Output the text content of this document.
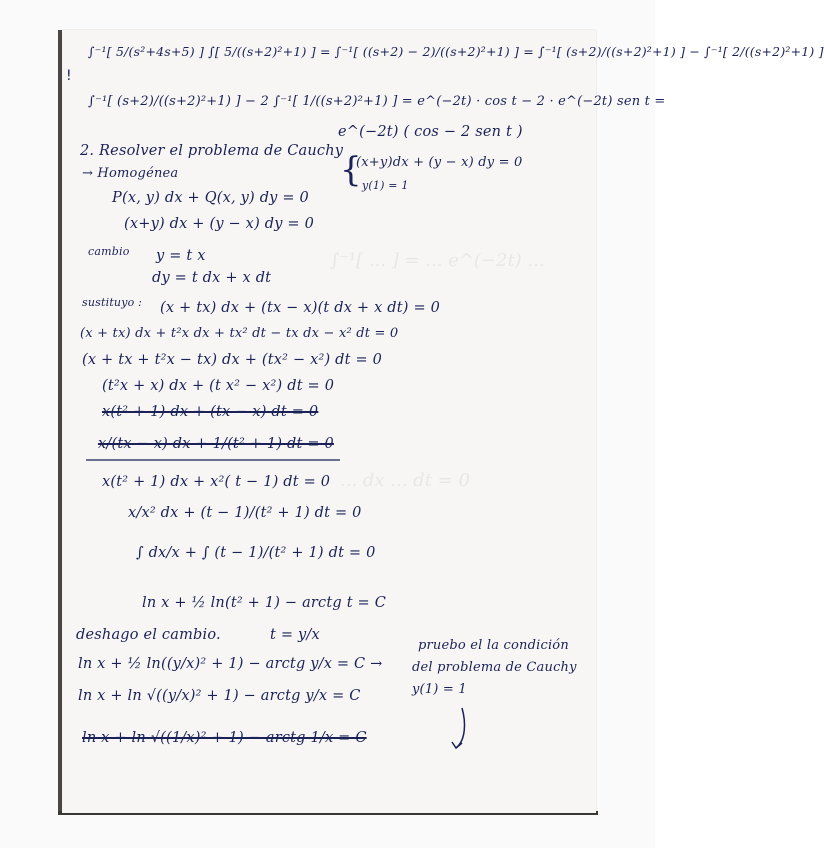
∫⁻¹[ ... ] = ... e^(−2t) ...
... dx ... dt = 0
!
∫⁻¹[ 5/(s²+4s+5) ] ∫[ 5/((s+2)²+1) ] = ∫⁻¹[ ((s+2) − 2)/((s+2)²+1) ] = ∫⁻¹[ (s+2)/((s+2)²+1) ] − ∫⁻¹[ 2/((s+2)²+1) ]
∫⁻¹[ (s+2)/((s+2)²+1) ] − 2 ∫⁻¹[ 1/((s+2)²+1) ] = e^(−2t) · cos t − 2 · e^(−2t) sen t =
e^(−2t) ( cos − 2 sen t )
2. Resolver el problema de Cauchy
{
(x+y)dx + (y − x) dy = 0
y(1) = 1
→ Homogénea
P(x, y) dx + Q(x, y) dy = 0
(x+y) dx + (y − x) dy = 0
cambio y = t x
dy = t dx + x dt
sustituyo : (x + tx) dx + (tx − x)(t dx + x dt) = 0
(x + tx) dx + t²x dx + tx² dt − tx dx − x² dt = 0
(x + tx + t²x − tx) dx + (tx² − x²) dt = 0
(t²x + x) dx + (t x² − x²) dt = 0
x(t² + 1) dx + (tx − x) dt = 0
x/(tx − x) dx + 1/(t² + 1) dt = 0
x(t² + 1) dx + x²( t − 1) dt = 0
x/x² dx + (t − 1)/(t² + 1) dt = 0
∫ dx/x + ∫ (t − 1)/(t² + 1) dt = 0
ln x + ½ ln(t² + 1) − arctg t = C
deshago el cambio.	t = y/x
ln x + ½ ln((y/x)² + 1) − arctg y/x = C →
ln x + ln √((y/x)² + 1) − arctg y/x = C
ln x + ln √((1/x)² + 1) − arctg 1/x = C
pruebo el la condición
del problema de Cauchy
y(1) = 1
